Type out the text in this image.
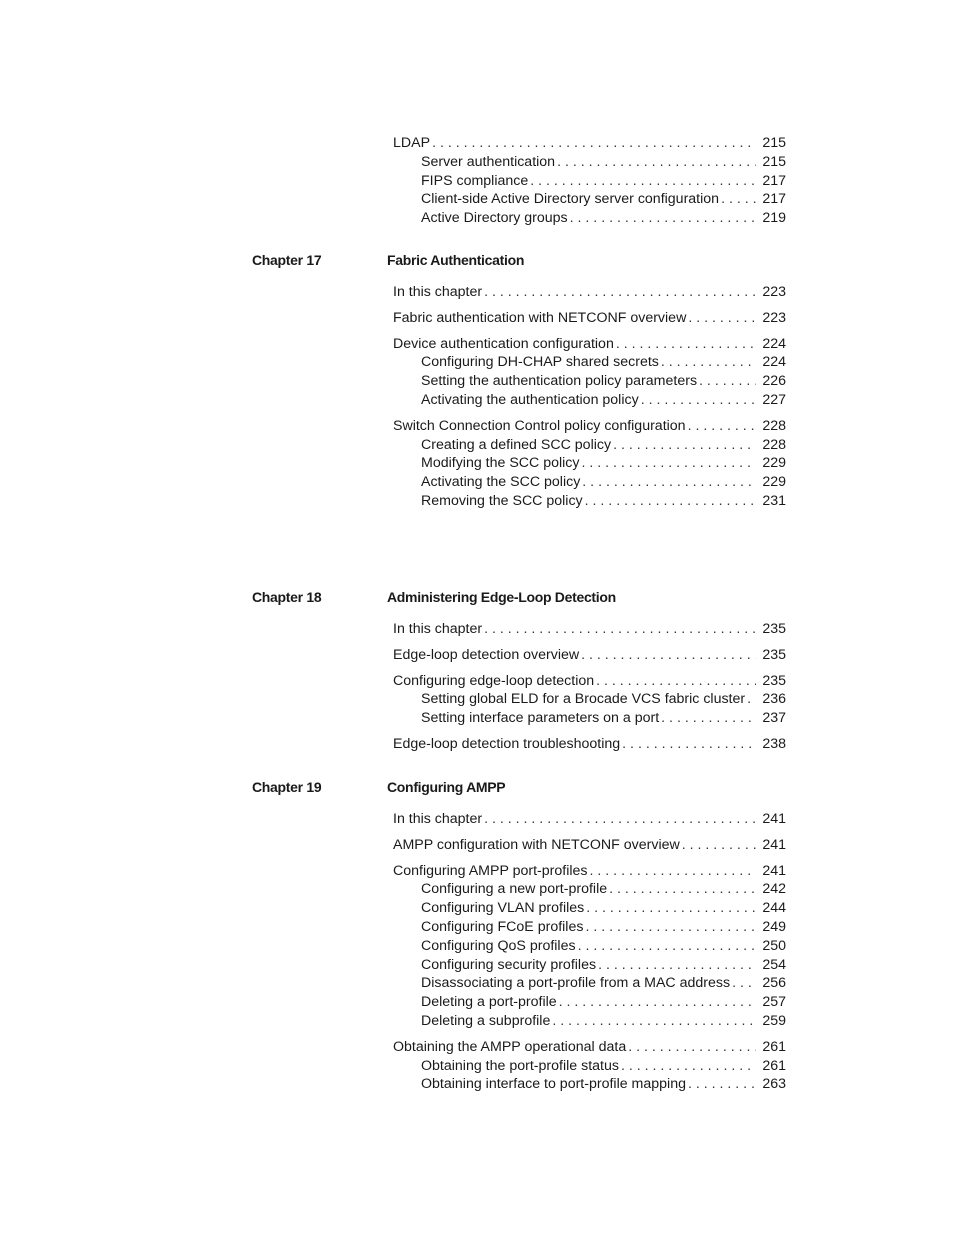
LDAP . . .	215
Server authentication . . .	215
FIPS compliance . . .	217
Client-side Active Directory server configuration . . .	217
Active Directory groups . . .	219
Chapter 17	Fabric Authentication
In this chapter . . .	223
Fabric authentication with NETCONF overview . . .	223
Device authentication configuration . . .	224
Configuring DH-CHAP shared secrets . . .	224
Setting the authentication policy parameters . . .	226
Activating the authentication policy . . .	227
Switch Connection Control policy configuration . . .	228
Creating a defined SCC policy . . .	228
Modifying the SCC policy . . .	229
Activating the SCC policy . . .	229
Removing the SCC policy . . .	231
Chapter 18	Administering Edge-Loop Detection
In this chapter . . .	235
Edge-loop detection overview . . .	235
Configuring edge-loop detection . . .	235
Setting global ELD for a Brocade VCS fabric cluster . . . 236
Setting interface parameters on a port . . .	237
Edge-loop detection troubleshooting . . .	238
Chapter 19	Configuring AMPP
In this chapter . . .	241
AMPP configuration with NETCONF overview . . .	241
Configuring AMPP port-profiles . . .	241
Configuring a new port-profile . . .	242
Configuring VLAN profiles . . .	244
Configuring FCoE profiles . . .	249
Configuring QoS profiles . . .	250
Configuring security profiles . . .	254
Disassociating a port-profile from a MAC address . . . 256
Deleting a port-profile . . .	257
Deleting a subprofile . . .	259
Obtaining the AMPP operational data . . .	261
Obtaining the port-profile status . . .	261
Obtaining interface to port-profile mapping . . .	263
